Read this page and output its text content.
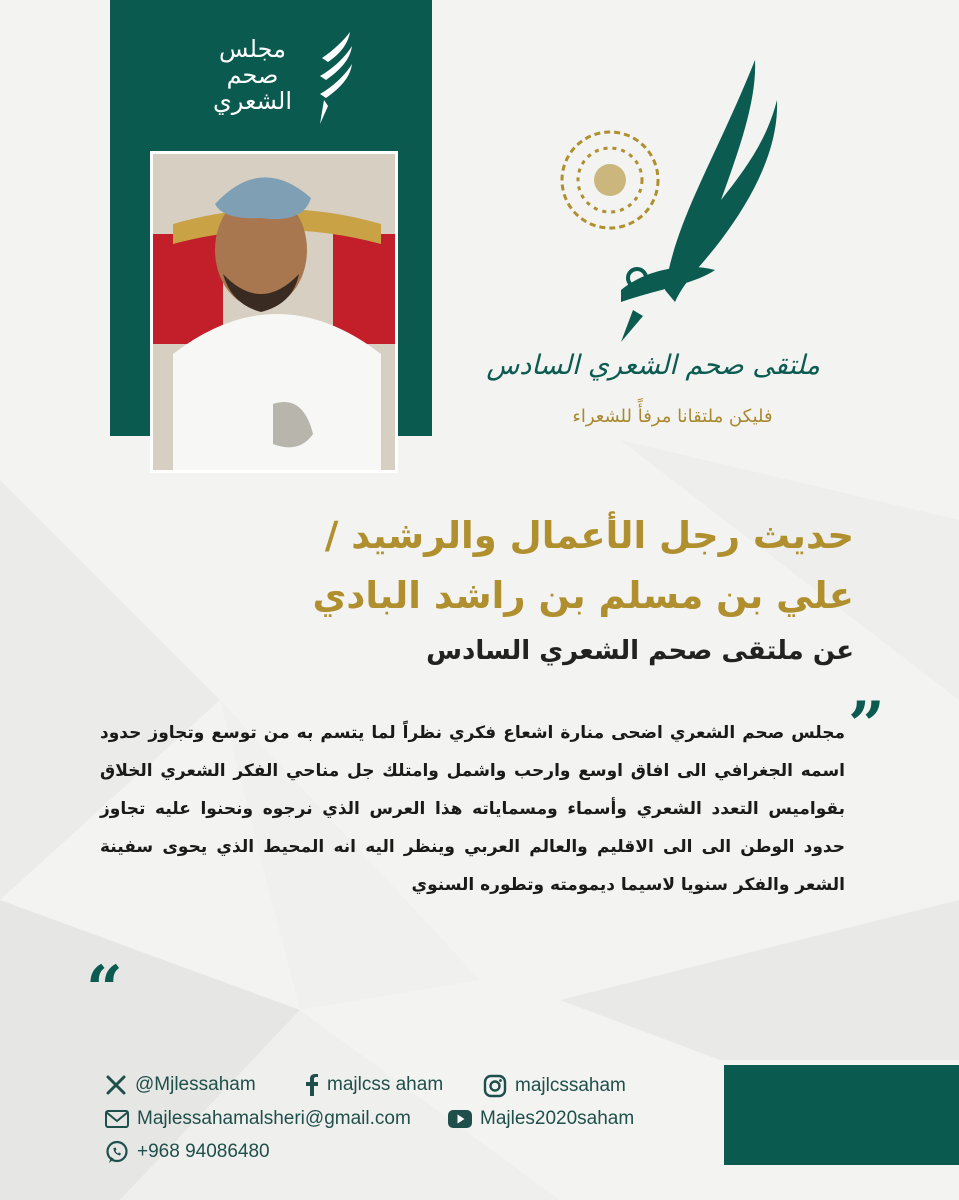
مجلس
صحم
الشعري
ملتقى صحم الشعري السادس
فليكن ملتقانا مرفأً للشعراء
حديث رجل الأعمال والرشيد /
علي بن مسلم بن راشد البادي
عن ملتقى صحم الشعري السادس
”
مجلس صحم الشعري اضحى منارة اشعاع فكري نظراً لما يتسم به من توسع وتجاوز حدود اسمه الجغرافي الى افاق اوسع وارحب واشمل وامتلك جل مناحي الفكر الشعري الخلاق بقواميس التعدد الشعري وأسماء ومسماياته هذا العرس الذي نرجوه ونحنوا عليه تجاوز حدود الوطن الى الى الاقليم والعالم العربي وينظر اليه انه المحيط الذي يحوى سفينة الشعر والفكر سنويا لاسيما ديمومته وتطوره السنوي
“
@Mjlessaham	majlcss aham	majlcssaham
Majlessahamalsheri@gmail.com	Majles2020saham
+968 94086480
